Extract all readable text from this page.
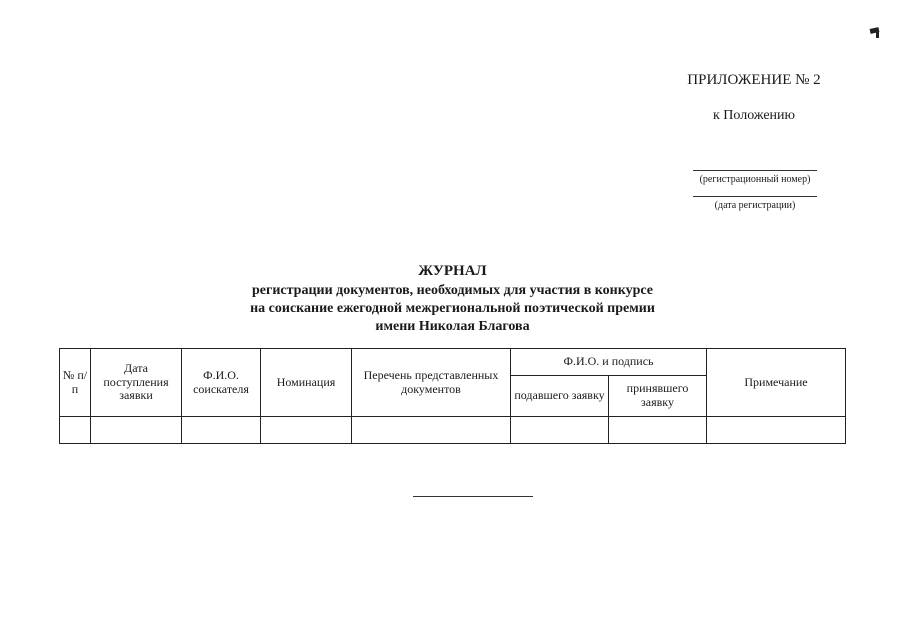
ПРИЛОЖЕНИЕ № 2
к Положению
(регистрационный номер)
(дата регистрации)
ЖУРНАЛ
регистрации документов, необходимых для участия в конкурсе
на соискание ежегодной межрегиональной поэтической премии
имени Николая Благова
№ п/п	Дата поступления заявки	Ф.И.О. соискателя	Номинация	Перечень представленных документов	Ф.И.О. и подпись		Примечание
					подавшего заявку	принявшего заявку	
